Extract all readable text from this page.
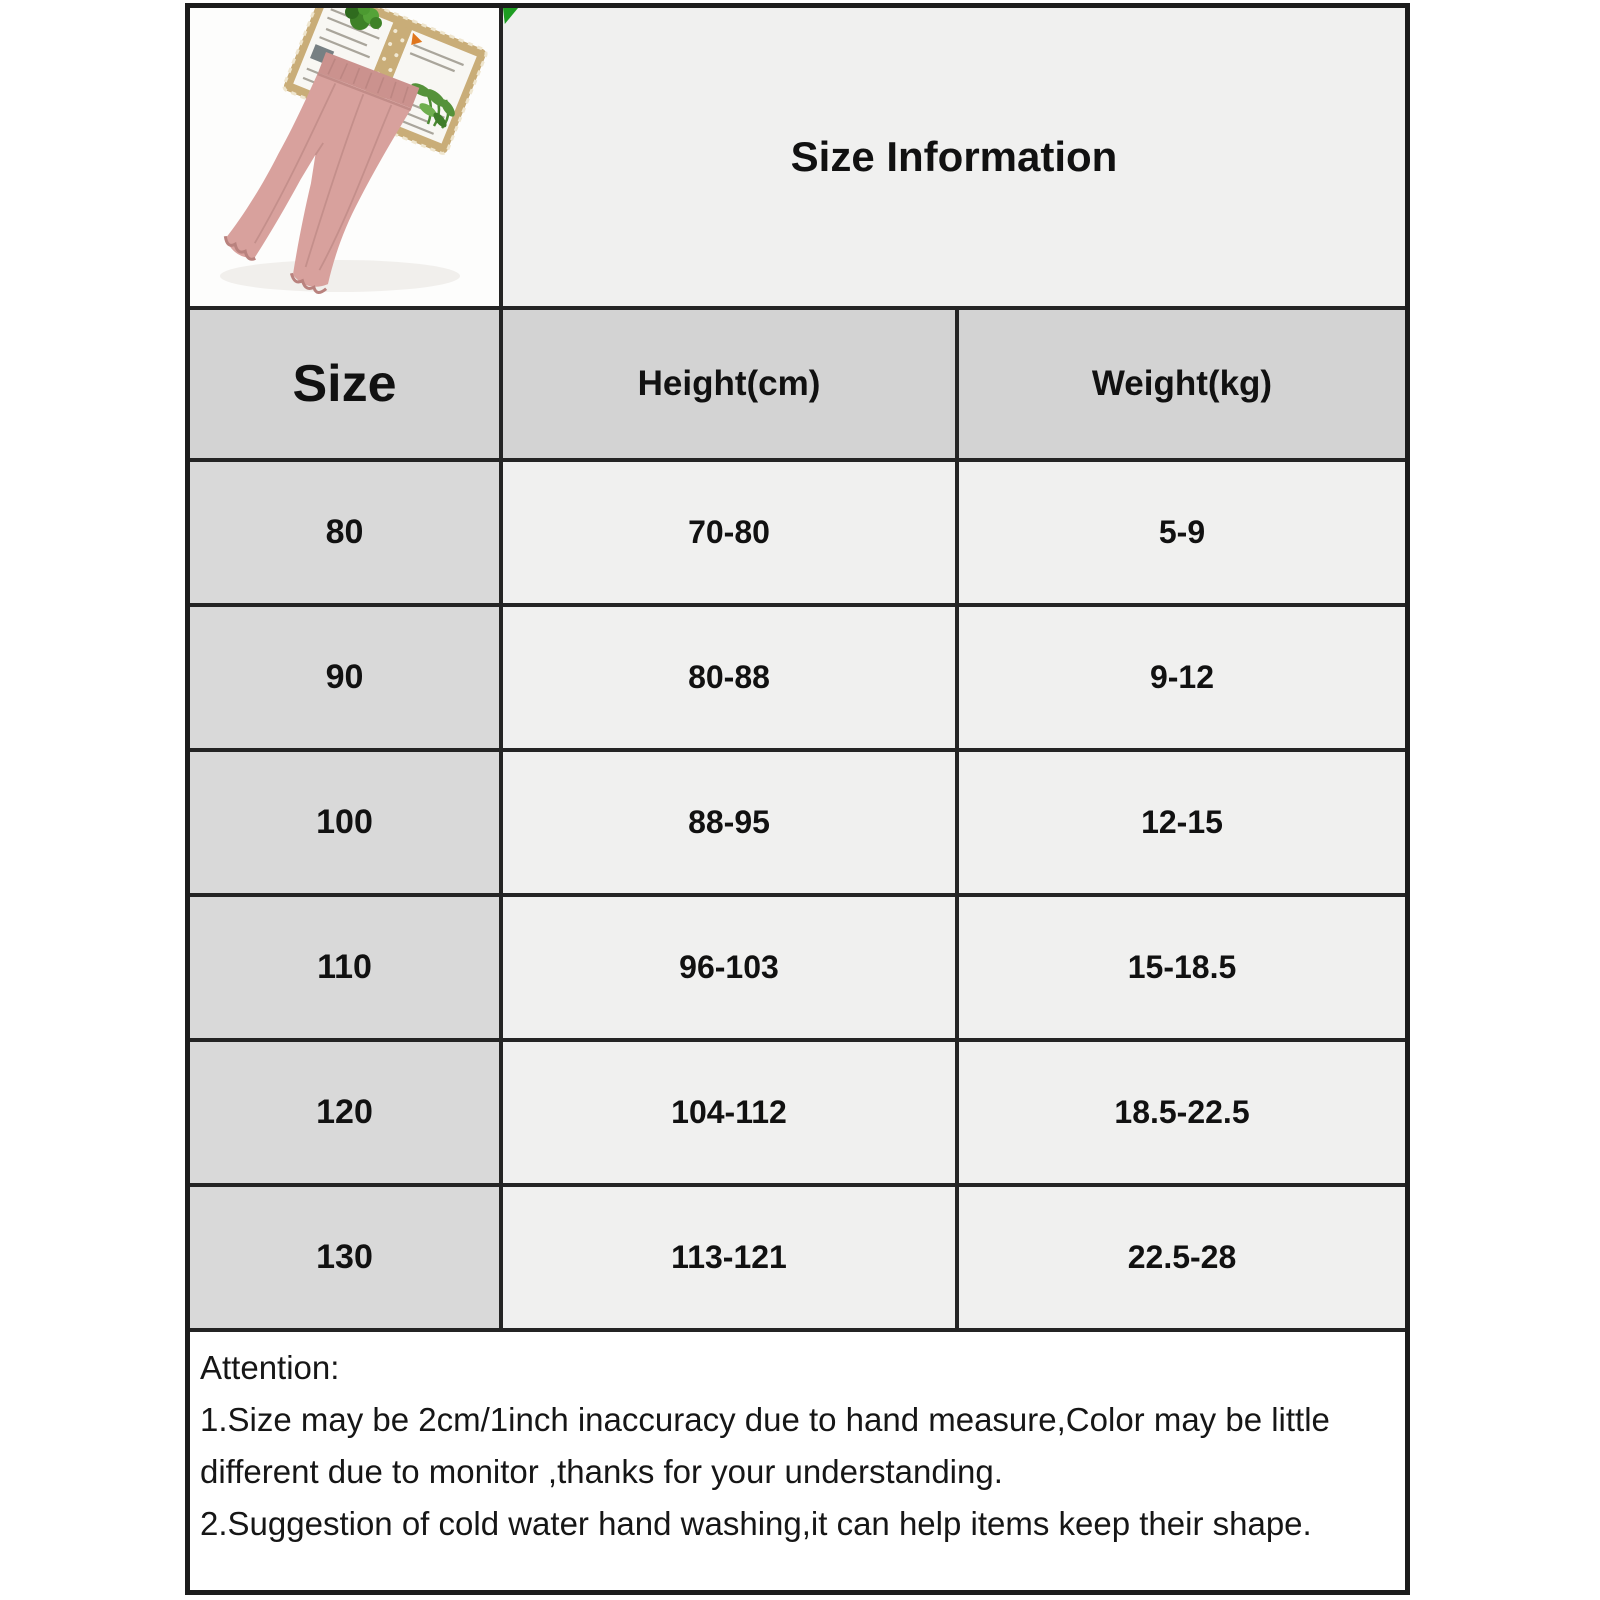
Size Information
Size	Height(cm)	Weight(kg)
80	70-80	5-9
90	80-88	9-12
100	88-95	12-15
110	96-103	15-18.5
120	104-112	18.5-22.5
130	113-121	22.5-28
Attention:
1.Size may be 2cm/1inch inaccuracy due to hand measure,Color may be little different due to monitor ,thanks for your understanding.
2.Suggestion of cold water hand washing,it can help items keep their shape.
